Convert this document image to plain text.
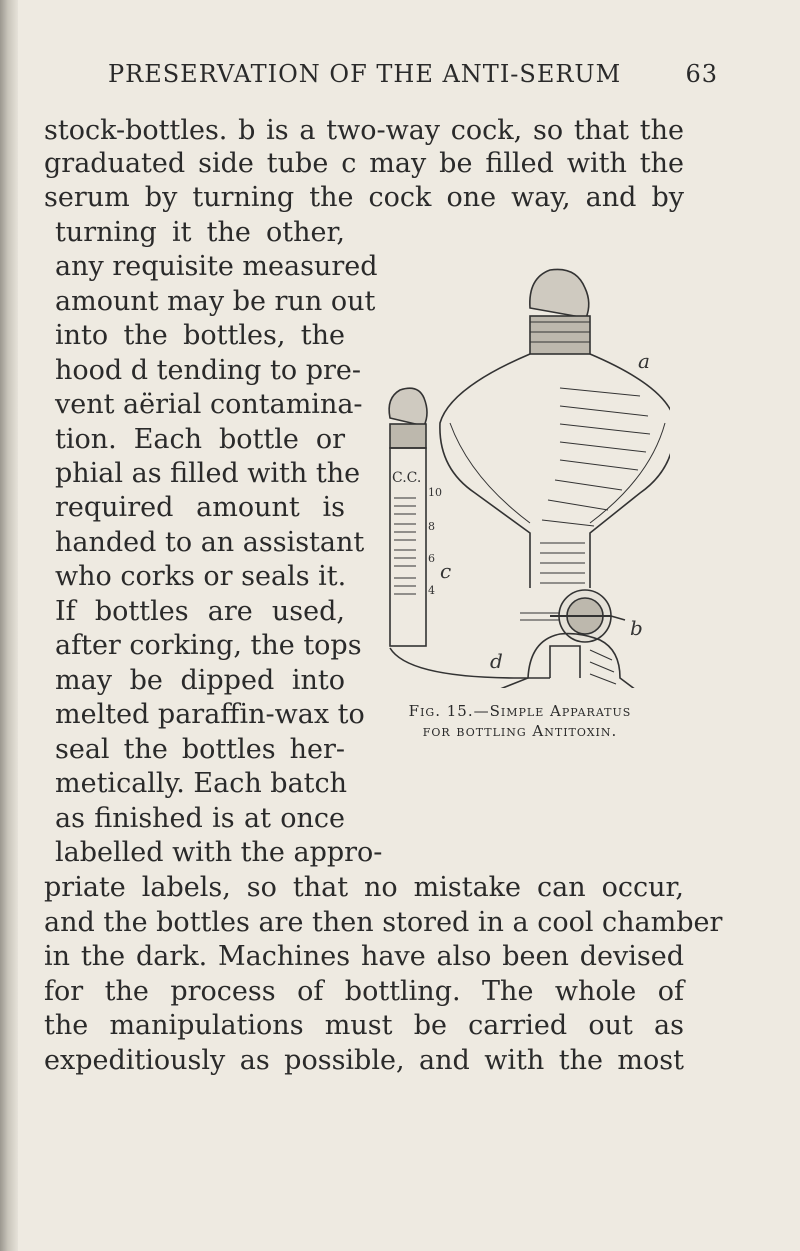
PRESERVATION OF THE ANTI-SERUM	63
stock-bottles. b is a two-way cock, so that the
graduated side tube c may be filled with the
serum by turning the cock one way, and by
turning it the other,
any requisite measured
amount may be run out
into the bottles, the
hood d tending to pre-
vent aërial contamina-
tion. Each bottle or
phial as filled with the
required amount is
handed to an assistant
who corks or seals it.
If bottles are used,
after corking, the tops
may be dipped into
melted paraffin-wax to
seal the bottles her-
metically. Each batch
as finished is at once
labelled with the appro-
priate labels, so that no mistake can occur,
and the bottles are then stored in a cool chamber
in the dark. Machines have also been devised
for the process of bottling. The whole of
the manipulations must be carried out as
expeditiously as possible, and with the most
a
c
b
d
C.C.
10
8
6
4
Fig. 15.—Simple Apparatus
for bottling Antitoxin.
